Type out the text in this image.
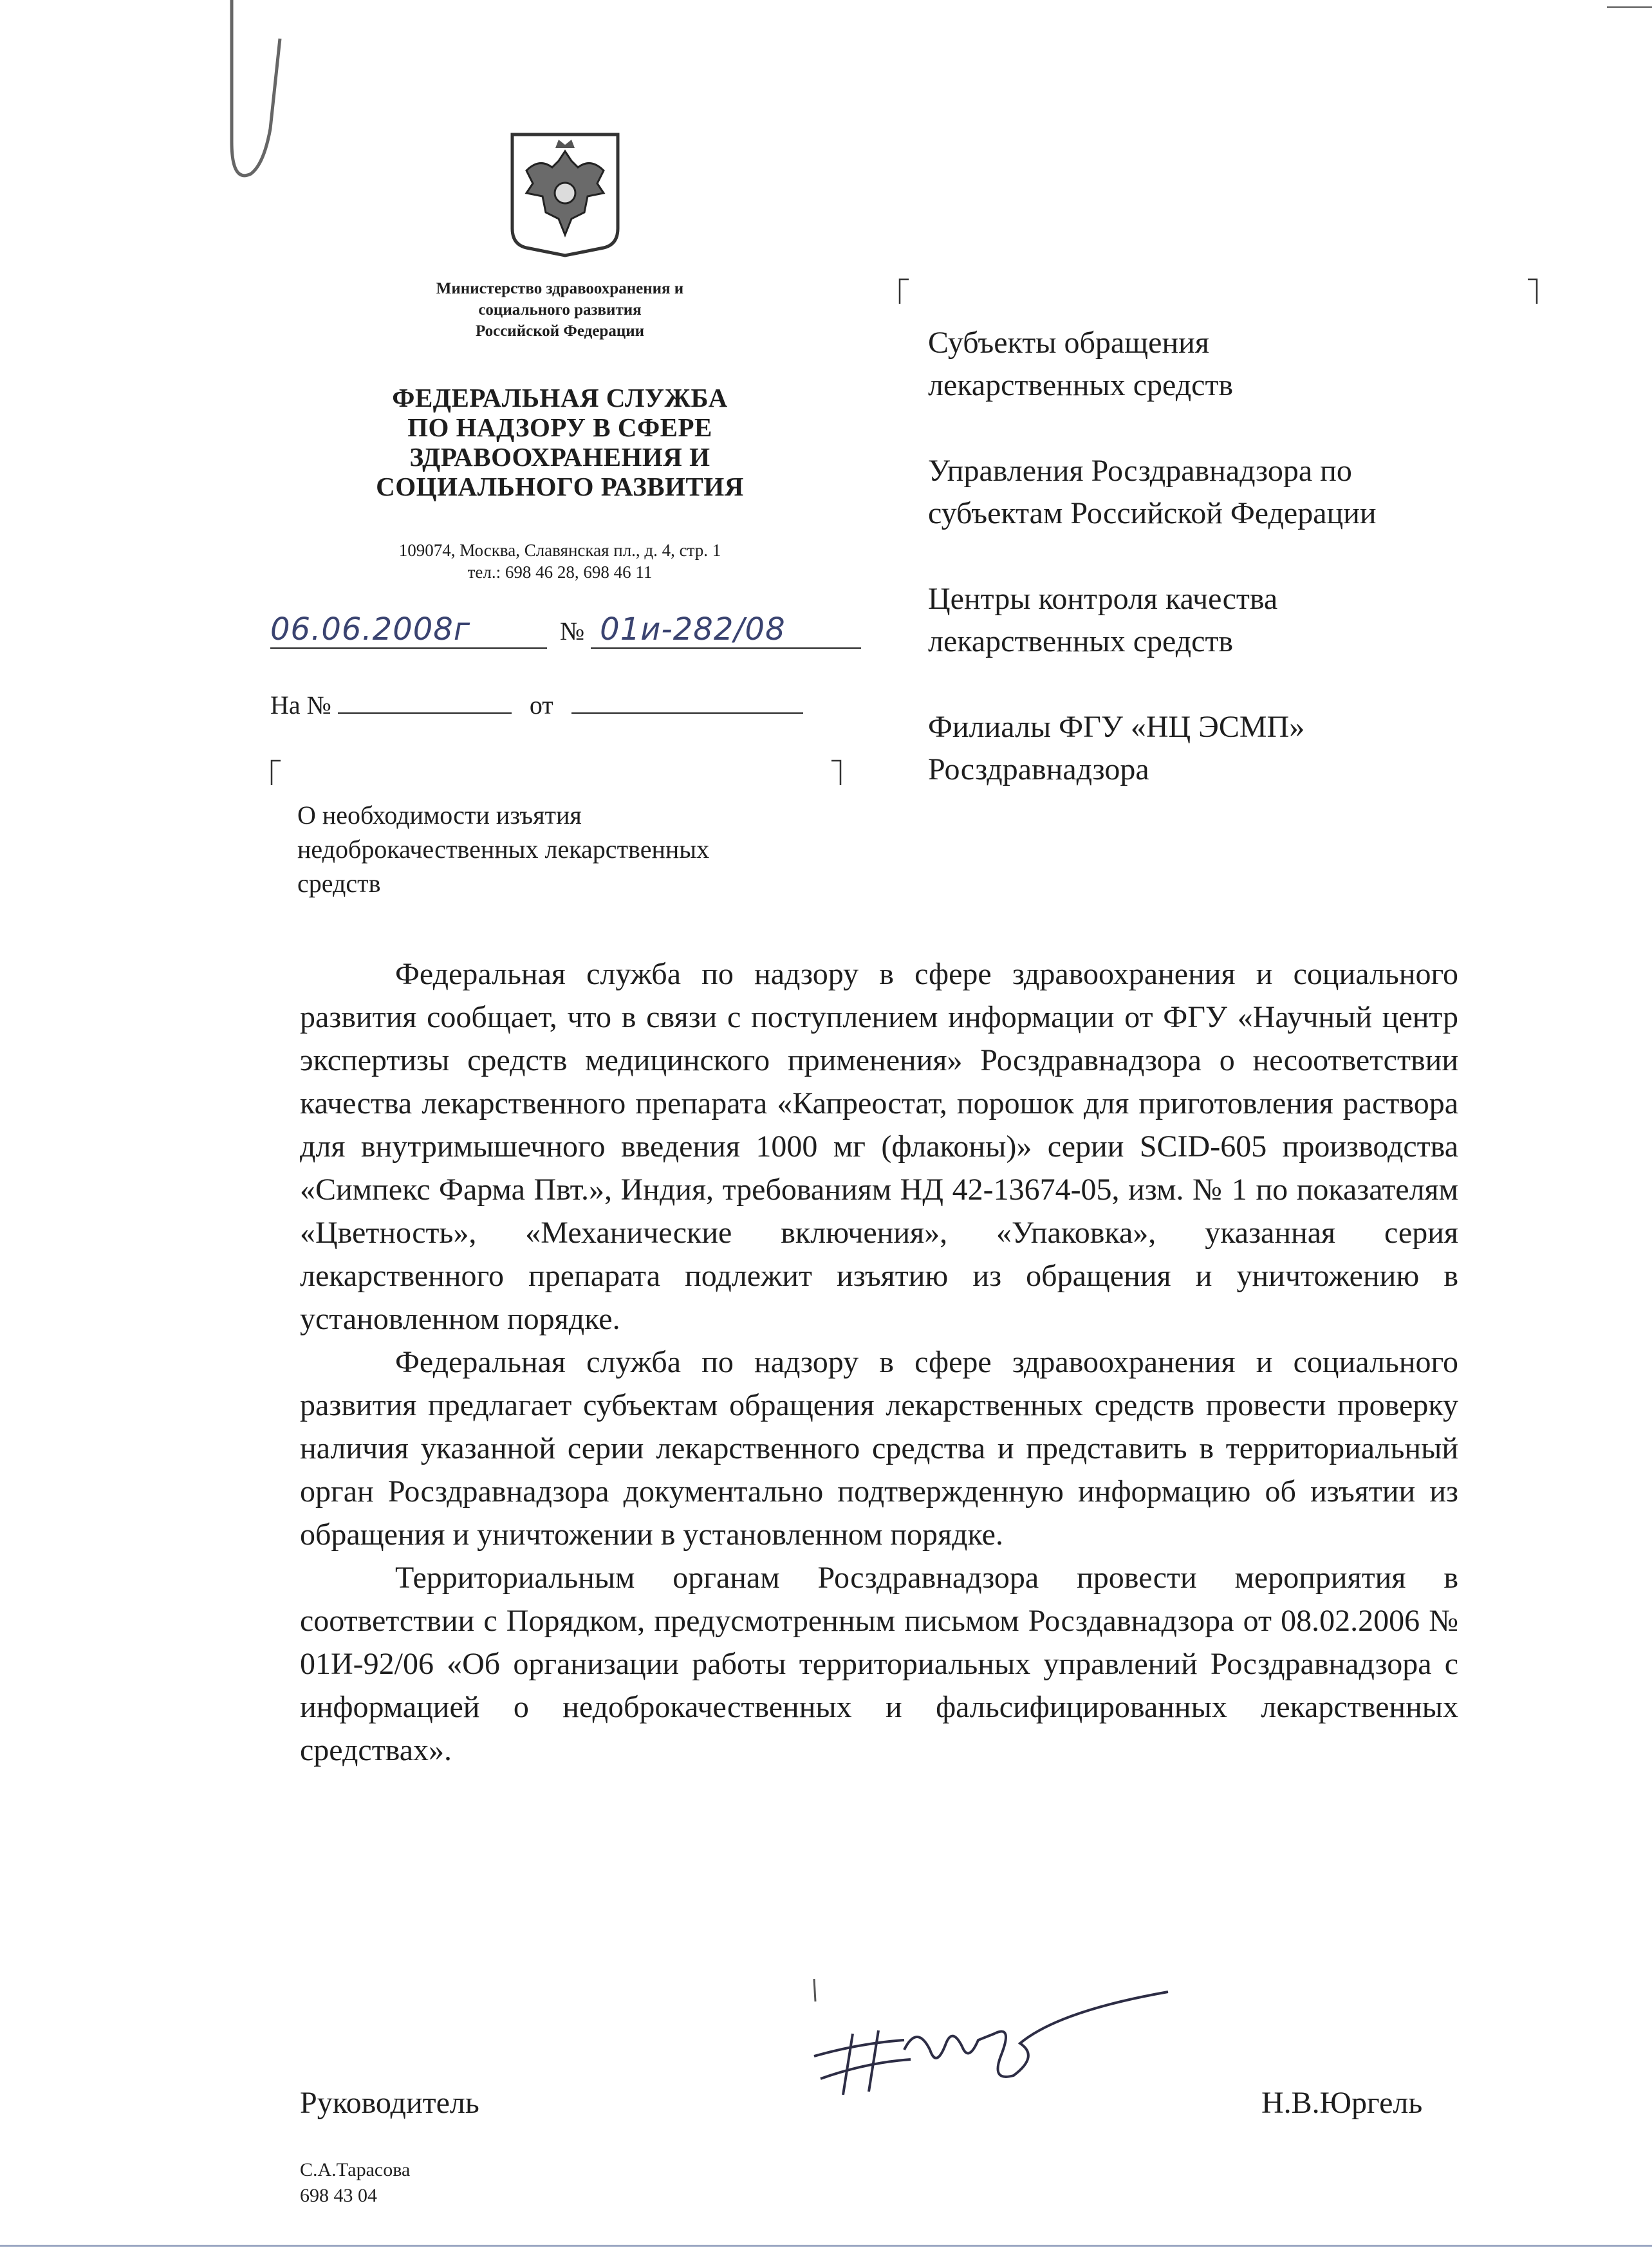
Министерство здравоохранения и
социального развития
Российской Федерации
ФЕДЕРАЛЬНАЯ СЛУЖБА
ПО НАДЗОРУ В СФЕРЕ
ЗДРАВООХРАНЕНИЯ И
СОЦИАЛЬНОГО РАЗВИТИЯ
109074, Москва, Славянская пл., д. 4, стр. 1
тел.: 698 46 28, 698 46 11
06.06.2008г	№ 01и-282/08
На №	от
О необходимости изъятия
недоброкачественных лекарственных
средств
Субъекты обращения
лекарственных средств
Управления Росздравнадзора по
субъектам Российской Федерации
Центры контроля качества
лекарственных средств
Филиалы ФГУ «НЦ ЭСМП»
Росздравнадзора

Федеральная служба по надзору в сфере здравоохранения и социального развития сообщает, что в связи с поступлением информации от ФГУ «Научный центр экспертизы средств медицинского применения» Росздравнадзора о несоответствии качества лекарственного препарата «Капреостат, порошок для приготовления раствора для внутримышечного введения 1000 мг (флаконы)» серии SCID-605 производства «Симпекс Фарма Пвт.», Индия, требованиям НД 42-13674-05, изм. № 1 по показателям «Цветность», «Механические включения», «Упаковка», указанная серия лекарственного препарата подлежит изъятию из обращения и уничтожению в установленном порядке.

Федеральная служба по надзору в сфере здравоохранения и социального развития предлагает субъектам обращения лекарственных средств провести проверку наличия указанной серии лекарственного средства и представить в территориальный орган Росздравнадзора документально подтвержденную информацию об изъятии из обращения и уничтожении в установленном порядке.

Территориальным органам Росздравнадзора провести мероприятия в соответствии с Порядком, предусмотренным письмом Росздавнадзора от 08.02.2006 № 01И-92/06 «Об организации работы территориальных управлений Росздравнадзора с информацией о недоброкачественных и фальсифицированных лекарственных средствах».

Руководитель	Н.В.Юргель
С.А.Тарасова
698 43 04
